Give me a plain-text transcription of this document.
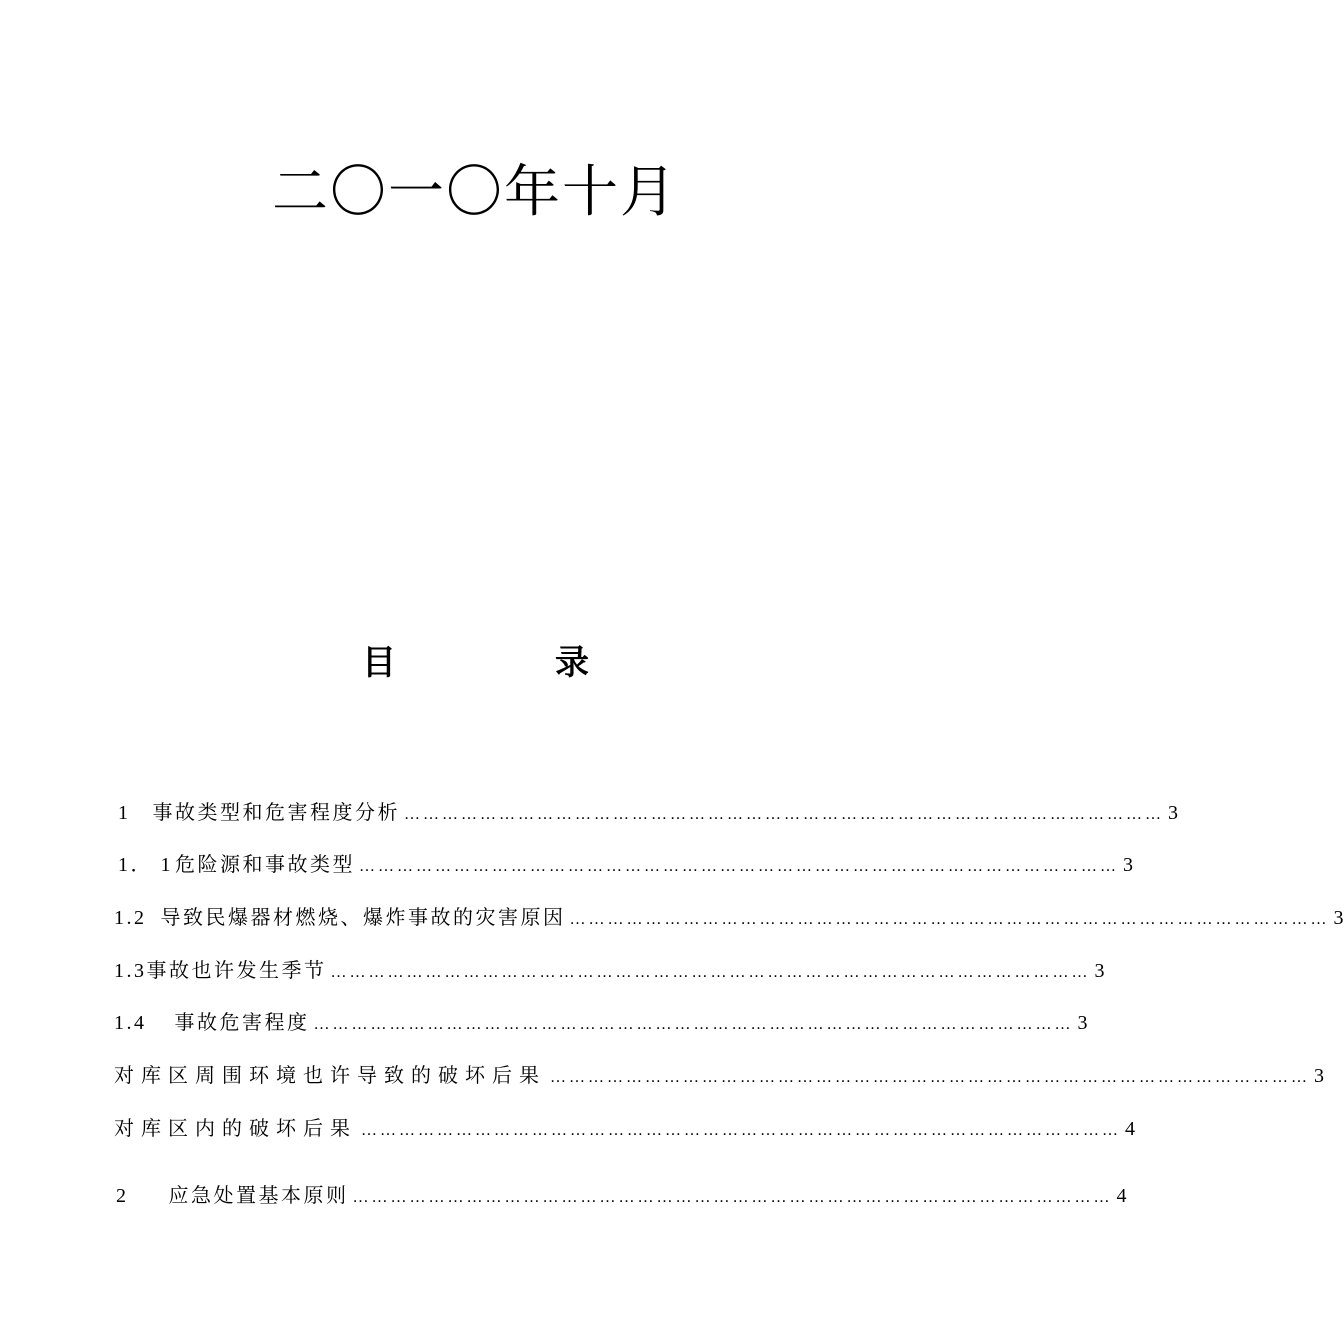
二〇一〇年十月
目	录
1 事故类型和危害程度分析 ………………………………………………………………………………………………………… 3
1． 1 危险源和事故类型 ………………………………………………………………………………………………………… 3
1.2 导致民爆器材燃烧、爆炸事故的灾害原因 ………………………………………………………………………………………………………… 3
1.3 事故也许发生季节 ………………………………………………………………………………………………………… 3
1.4 事故危害程度 ………………………………………………………………………………………………………… 3
对库区周围环境也许导致的破坏后果 ………………………………………………………………………………………………………… 3
对库区内的破坏后果 ………………………………………………………………………………………………………… 4
2 应急处置基本原则 ………………………………………………………………………………………………………… 4
